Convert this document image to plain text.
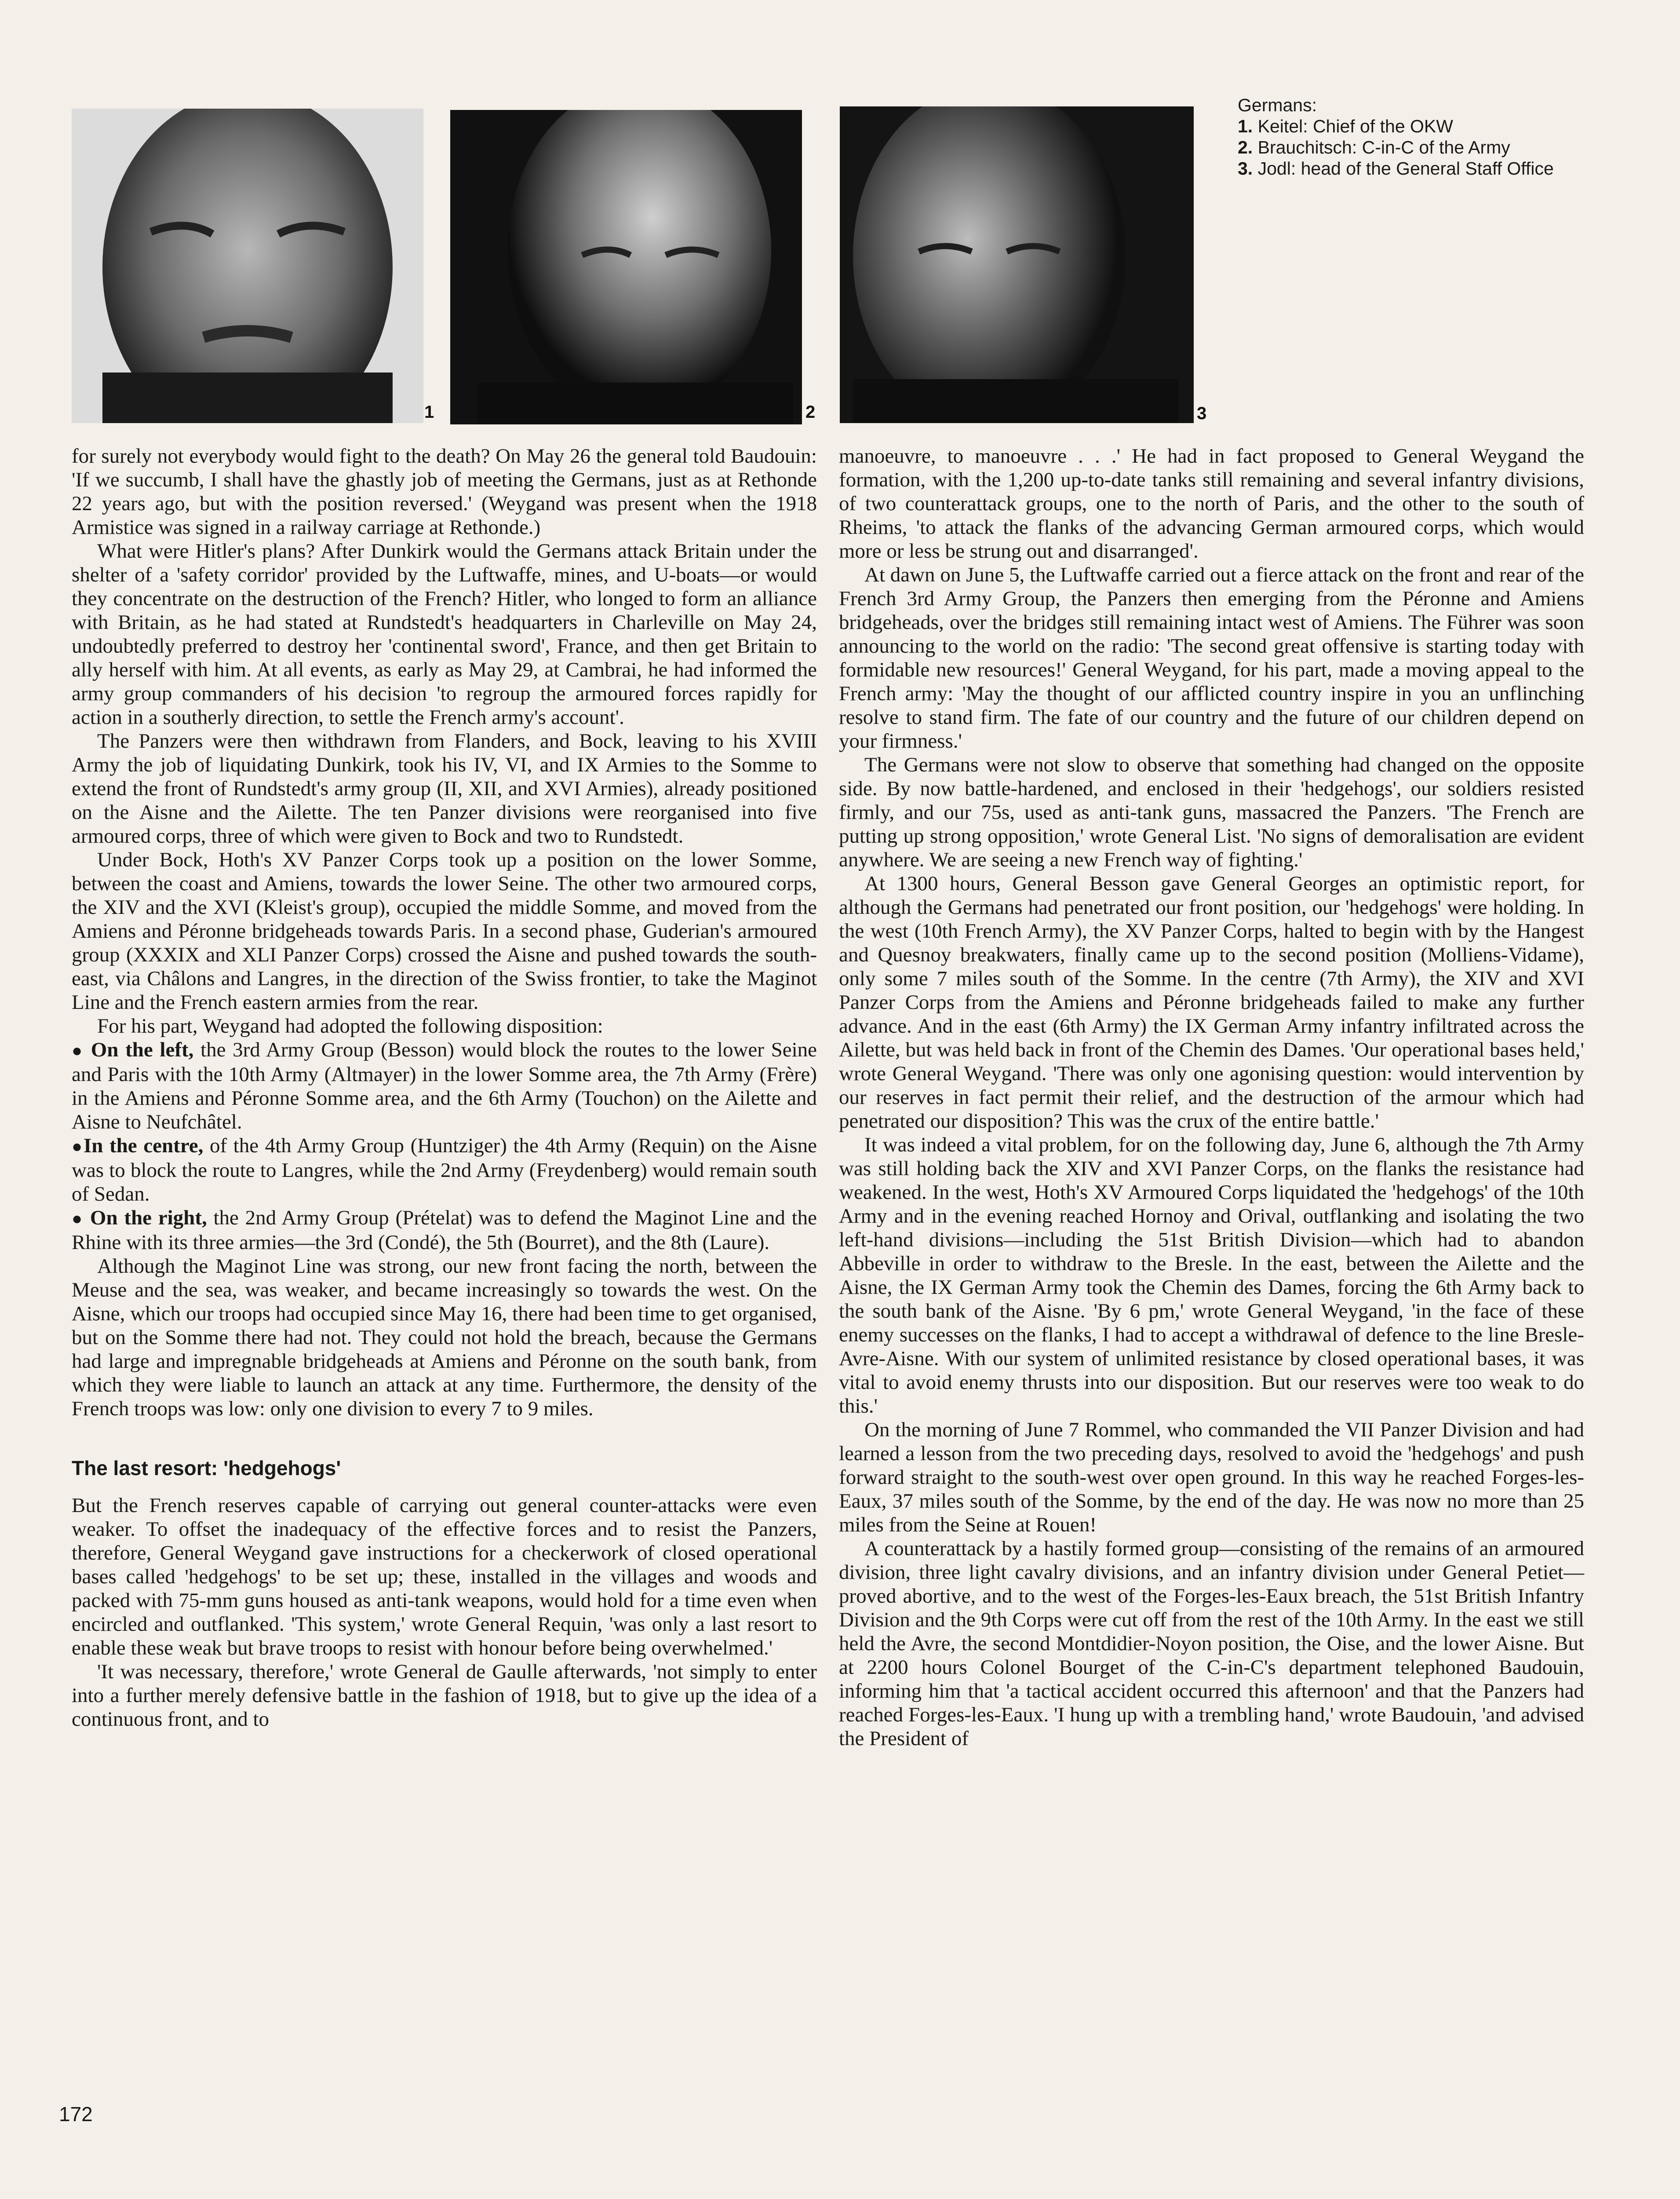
1	2	3
Germans:
1. Keitel: Chief of the OKW
2. Brauchitsch: C-in-C of the Army
3. Jodl: head of the General Staff Office

for surely not everybody would fight to the death? On May 26 the general told Baudouin: 'If we succumb, I shall have the ghastly job of meeting the Germans, just as at Rethonde 22 years ago, but with the position reversed.' (Weygand was present when the 1918 Armistice was signed in a railway carriage at Rethonde.)

What were Hitler's plans? After Dunkirk would the Germans attack Britain under the shelter of a 'safety corridor' provided by the Luftwaffe, mines, and U-boats—or would they concentrate on the destruction of the French? Hitler, who longed to form an alliance with Britain, as he had stated at Rundstedt's headquarters in Charleville on May 24, undoubtedly preferred to destroy her 'continental sword', France, and then get Britain to ally herself with him. At all events, as early as May 29, at Cambrai, he had informed the army group commanders of his decision 'to regroup the armoured forces rapidly for action in a southerly direction, to settle the French army's account'.

The Panzers were then withdrawn from Flanders, and Bock, leaving to his XVIII Army the job of liquidating Dunkirk, took his IV, VI, and IX Armies to the Somme to extend the front of Rundstedt's army group (II, XII, and XVI Armies), already positioned on the Aisne and the Ailette. The ten Panzer divisions were reorganised into five armoured corps, three of which were given to Bock and two to Rundstedt.

Under Bock, Hoth's XV Panzer Corps took up a position on the lower Somme, between the coast and Amiens, towards the lower Seine. The other two armoured corps, the XIV and the XVI (Kleist's group), occupied the middle Somme, and moved from the Amiens and Péronne bridgeheads towards Paris. In a second phase, Guderian's armoured group (XXXIX and XLI Panzer Corps) crossed the Aisne and pushed towards the south-east, via Châlons and Langres, in the direction of the Swiss frontier, to take the Maginot Line and the French eastern armies from the rear.

For his part, Weygand had adopted the following disposition:

● On the left, the 3rd Army Group (Besson) would block the routes to the lower Seine and Paris with the 10th Army (Altmayer) in the lower Somme area, the 7th Army (Frère) in the Amiens and Péronne Somme area, and the 6th Army (Touchon) on the Ailette and Aisne to Neufchâtel.

●In the centre, of the 4th Army Group (Huntziger) the 4th Army (Requin) on the Aisne was to block the route to Langres, while the 2nd Army (Freydenberg) would remain south of Sedan.

● On the right, the 2nd Army Group (Prételat) was to defend the Maginot Line and the Rhine with its three armies—the 3rd (Condé), the 5th (Bourret), and the 8th (Laure).

Although the Maginot Line was strong, our new front facing the north, between the Meuse and the sea, was weaker, and became increasingly so towards the west. On the Aisne, which our troops had occupied since May 16, there had been time to get organised, but on the Somme there had not. They could not hold the breach, because the Germans had large and impregnable bridgeheads at Amiens and Péronne on the south bank, from which they were liable to launch an attack at any time. Furthermore, the density of the French troops was low: only one division to every 7 to 9 miles.

The last resort: 'hedgehogs'

But the French reserves capable of carrying out general counter-attacks were even weaker. To offset the inadequacy of the effective forces and to resist the Panzers, therefore, General Weygand gave instructions for a checkerwork of closed operational bases called 'hedgehogs' to be set up; these, installed in the villages and woods and packed with 75-mm guns housed as anti-tank weapons, would hold for a time even when encircled and outflanked. 'This system,' wrote General Requin, 'was only a last resort to enable these weak but brave troops to resist with honour before being overwhelmed.'

'It was necessary, therefore,' wrote General de Gaulle afterwards, 'not simply to enter into a further merely defensive battle in the fashion of 1918, but to give up the idea of a continuous front, and to

manoeuvre, to manoeuvre . . .' He had in fact proposed to General Weygand the formation, with the 1,200 up-to-date tanks still remaining and several infantry divisions, of two counterattack groups, one to the north of Paris, and the other to the south of Rheims, 'to attack the flanks of the advancing German armoured corps, which would more or less be strung out and disarranged'.

At dawn on June 5, the Luftwaffe carried out a fierce attack on the front and rear of the French 3rd Army Group, the Panzers then emerging from the Péronne and Amiens bridgeheads, over the bridges still remaining intact west of Amiens. The Führer was soon announcing to the world on the radio: 'The second great offensive is starting today with formidable new resources!' General Weygand, for his part, made a moving appeal to the French army: 'May the thought of our afflicted country inspire in you an unflinching resolve to stand firm. The fate of our country and the future of our children depend on your firmness.'

The Germans were not slow to observe that something had changed on the opposite side. By now battle-hardened, and enclosed in their 'hedgehogs', our soldiers resisted firmly, and our 75s, used as anti-tank guns, massacred the Panzers. 'The French are putting up strong opposition,' wrote General List. 'No signs of demoralisation are evident anywhere. We are seeing a new French way of fighting.'

At 1300 hours, General Besson gave General Georges an optimistic report, for although the Germans had penetrated our front position, our 'hedgehogs' were holding. In the west (10th French Army), the XV Panzer Corps, halted to begin with by the Hangest and Quesnoy breakwaters, finally came up to the second position (Molliens-Vidame), only some 7 miles south of the Somme. In the centre (7th Army), the XIV and XVI Panzer Corps from the Amiens and Péronne bridgeheads failed to make any further advance. And in the east (6th Army) the IX German Army infantry infiltrated across the Ailette, but was held back in front of the Chemin des Dames. 'Our operational bases held,' wrote General Weygand. 'There was only one agonising question: would intervention by our reserves in fact permit their relief, and the destruction of the armour which had penetrated our disposition? This was the crux of the entire battle.'

It was indeed a vital problem, for on the following day, June 6, although the 7th Army was still holding back the XIV and XVI Panzer Corps, on the flanks the resistance had weakened. In the west, Hoth's XV Armoured Corps liquidated the 'hedgehogs' of the 10th Army and in the evening reached Hornoy and Orival, outflanking and isolating the two left-hand divisions—including the 51st British Division—which had to abandon Abbeville in order to withdraw to the Bresle. In the east, between the Ailette and the Aisne, the IX German Army took the Chemin des Dames, forcing the 6th Army back to the south bank of the Aisne. 'By 6 pm,' wrote General Weygand, 'in the face of these enemy successes on the flanks, I had to accept a withdrawal of defence to the line Bresle-Avre-Aisne. With our system of unlimited resistance by closed operational bases, it was vital to avoid enemy thrusts into our disposition. But our reserves were too weak to do this.'

On the morning of June 7 Rommel, who commanded the VII Panzer Division and had learned a lesson from the two preceding days, resolved to avoid the 'hedgehogs' and push forward straight to the south-west over open ground. In this way he reached Forges-les-Eaux, 37 miles south of the Somme, by the end of the day. He was now no more than 25 miles from the Seine at Rouen!

A counterattack by a hastily formed group—consisting of the remains of an armoured division, three light cavalry divisions, and an infantry division under General Petiet—proved abortive, and to the west of the Forges-les-Eaux breach, the 51st British Infantry Division and the 9th Corps were cut off from the rest of the 10th Army. In the east we still held the Avre, the second Montdidier-Noyon position, the Oise, and the lower Aisne. But at 2200 hours Colonel Bourget of the C-in-C's department telephoned Baudouin, informing him that 'a tactical accident occurred this afternoon' and that the Panzers had reached Forges-les-Eaux. 'I hung up with a trembling hand,' wrote Baudouin, 'and advised the President of

172
